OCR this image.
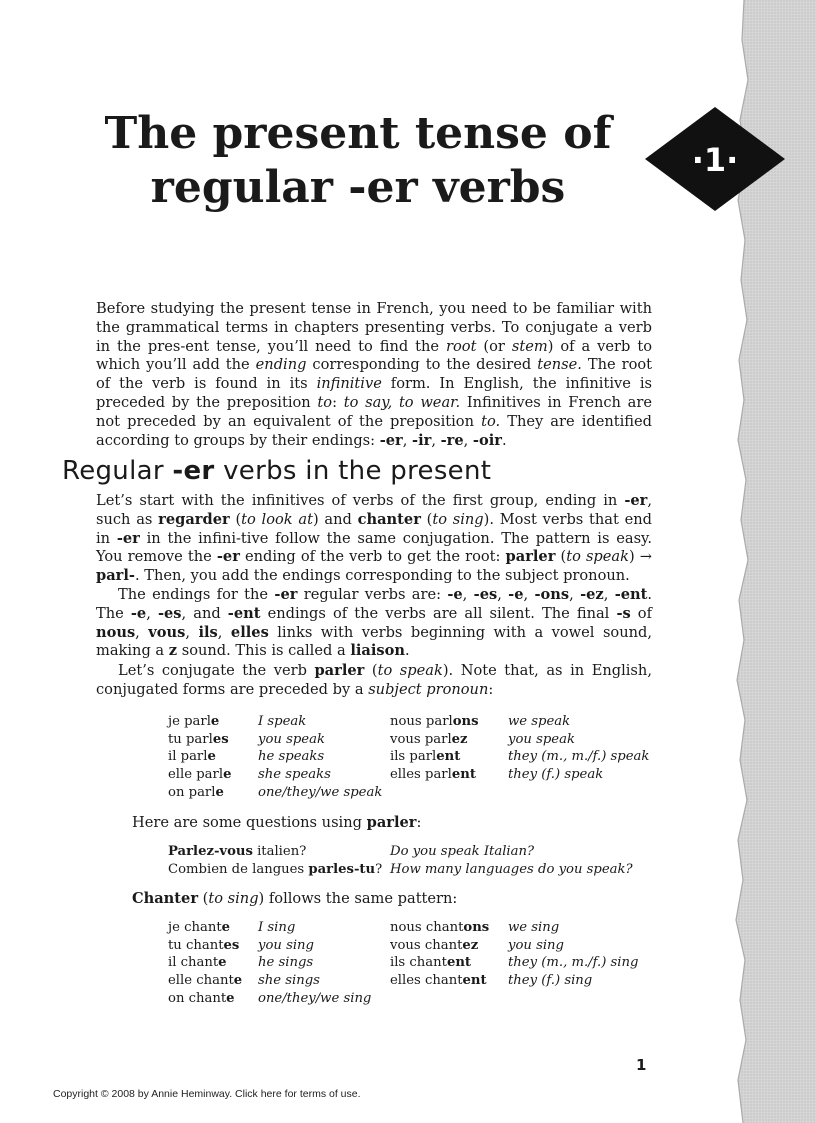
The present tense of
regular -er verbs
·1·

Before studying the present tense in French, you need to be familiar with the grammatical terms in chapters presenting verbs. To conjugate a verb in the pres-ent tense, you’ll need to find the root (or stem) of a verb to which you’ll add the ending corresponding to the desired tense. The root of the verb is found in its infinitive form. In English, the infinitive is preceded by the preposition to: to say, to wear. Infinitives in French are not preceded by an equivalent of the preposition to. They are identified according to groups by their endings: -er, -ir, -re, -oir.

Regular -er verbs in the present

Let’s start with the infinitives of verbs of the first group, ending in -er, such as regarder (to look at) and chanter (to sing). Most verbs that end in -er in the infini-tive follow the same conjugation. The pattern is easy. You remove the -er ending of the verb to get the root: parler (to speak) → parl-. Then, you add the endings corresponding to the subject pronoun.

The endings for the -er regular verbs are: -e, -es, -e, -ons, -ez, -ent. The -e, -es, and -ent endings of the verbs are all silent. The final -s of nous, vous, ils, elles links with verbs beginning with a vowel sound, making a z sound. This is called a liaison.

Let’s conjugate the verb parler (to speak). Note that, as in English, conjugated forms are preceded by a subject pronoun:

je parle	I speak	nous parlons we speak
tu parles you speak	vous parlez	you speak
il parle	he speaks	ils parlent	they (m., m./f.) speak
elle parle she speaks	elles parlent they (f.) speak
on parle	one/they/we speak

Here are some questions using parler:

Parlez-vous italien?	Do you speak Italian?
Combien de langues parles-tu? How many languages do you speak?

Chanter (to sing) follows the same pattern:

je chante I sing	nous chantons we sing
tu chantes you sing	vous chantez you sing
il chante he sings	ils chantent	they (m., m./f.) sing
elle chante she sings	elles chantent they (f.) sing
on chante one/they/we sing
1
Copyright © 2008 by Annie Heminway. Click here for terms of use.
